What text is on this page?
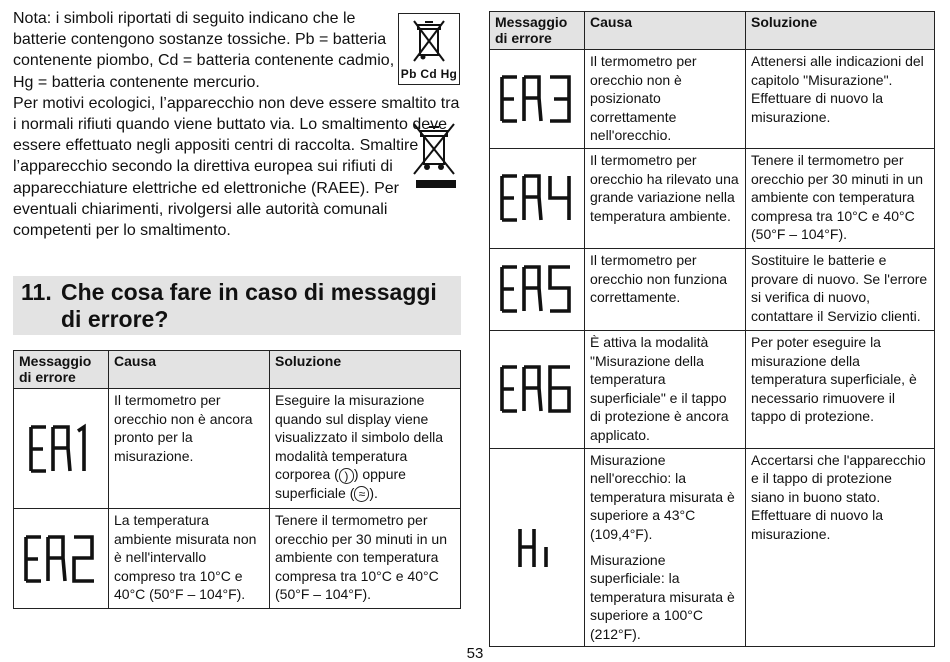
Nota: i simboli riportati di seguito indicano che le batterie contengono sostanze tossiche. Pb = batteria contenente piombo, Cd = batteria contenente cadmio, Hg = batteria contenente mercurio.

Per motivi ecologici, l’apparecchio non deve essere smaltito tra i normali rifiuti quando viene buttato via. Lo smaltimento deve essere effettuato negli appositi centri di raccolta. Smaltire l’apparecchio secondo la direttiva europea sui rifiuti di apparecchiature elettriche ed elettroniche (RAEE). Per eventuali chiarimenti, rivolgersi alle autorità comunali competenti per lo smaltimento.

Pb Cd Hg
11. Che cosa fare in caso di messaggi
di errore?
Messaggio di errore	Causa	Soluzione

	Il termometro per orecchio non è ancora pronto per la misurazione.	Eseguire la misurazione quando sul display viene visualizzato il simbolo della modalità temperatura corporea ( ) ) oppure superficiale ( ≈ ).

	La temperatura ambiente misurata non è nell'intervallo compreso tra 10°C e 40°C (50°F – 104°F).	Tenere il termometro per orecchio per 30 minuti in un ambiente con temperatura compresa tra 10°C e 40°C (50°F – 104°F).
Messaggio di errore	Causa	Soluzione

	Il termometro per orecchio non è posizionato correttamente nell'orecchio.	Attenersi alle indicazioni del capitolo "Misurazione". Effettuare di nuovo la misurazione.

	Il termometro per orecchio ha rilevato una grande variazione nella temperatura ambiente.	Tenere il termometro per orecchio per 30 minuti in un ambiente con temperatura compresa tra 10°C e 40°C (50°F – 104°F).

	Il termometro per orecchio non funziona correttamente.	Sostituire le batterie e provare di nuovo. Se l'errore si verifica di nuovo, contattare il Servizio clienti.

	È attiva la modalità "Misurazione della temperatura superficiale" e il tappo di protezione è ancora applicato.	Per poter eseguire la misurazione della temperatura superficiale, è necessario rimuovere il tappo di protezione.

Misurazione nell'orecchio: la temperatura misurata è superiore a 43°C (109,4°F).
Misurazione superficiale: la temperatura misurata è superiore a 100°C (212°F).	Accertarsi che l'apparecchio e il tappo di protezione siano in buono stato. Effettuare di nuovo la misurazione.
53
